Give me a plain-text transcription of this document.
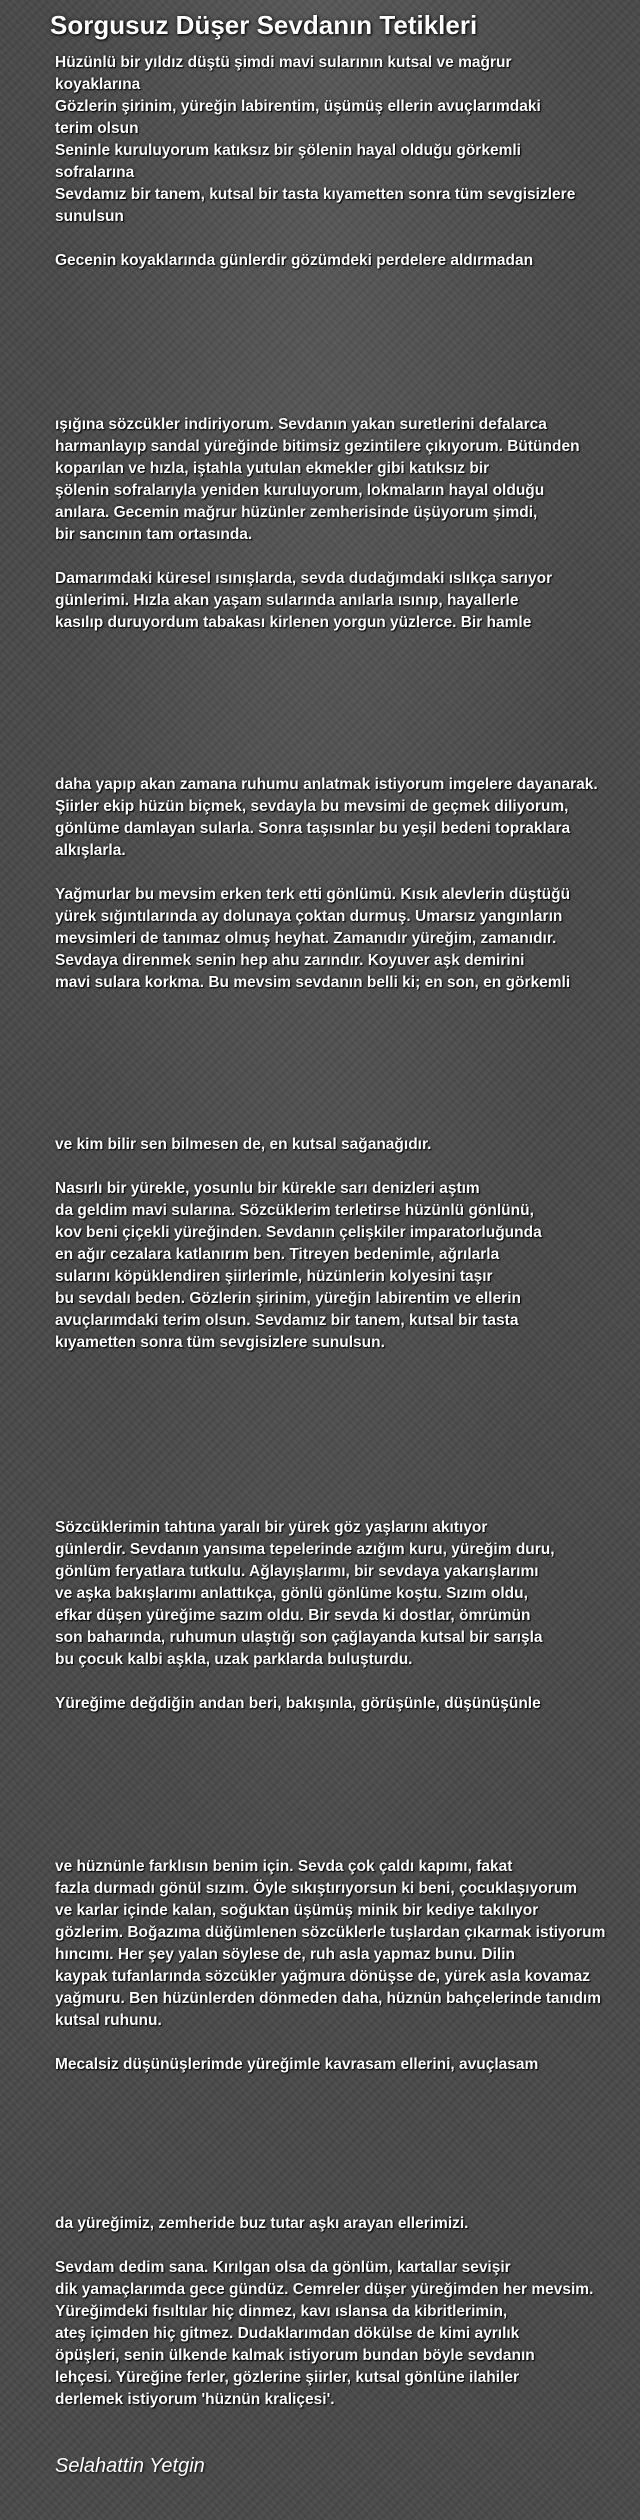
Sorgusuz Düşer Sevdanın Tetikleri
Hüzünlü bir yıldız düştü şimdi mavi sularının kutsal ve mağrur
koyaklarına
Gözlerin şirinim, yüreğin labirentim, üşümüş ellerin avuçlarımdaki
terim olsun
Seninle kuruluyorum katıksız bir şölenin hayal olduğu görkemli
sofralarına
Sevdamız bir tanem, kutsal bir tasta kıyametten sonra tüm sevgisizlere
sunulsun
Gecenin koyaklarında günlerdir gözümdeki perdelere aldırmadan
ışığına sözcükler indiriyorum. Sevdanın yakan suretlerini defalarca
harmanlayıp sandal yüreğinde bitimsiz gezintilere çıkıyorum. Bütünden
koparılan ve hızla, iştahla yutulan ekmekler gibi katıksız bir
şölenin sofralarıyla yeniden kuruluyorum, lokmaların hayal olduğu
anılara. Gecemin mağrur hüzünler zemherisinde üşüyorum şimdi,
bir sancının tam ortasında.
Damarımdaki küresel ısınışlarda, sevda dudağımdaki ıslıkça sarıyor
günlerimi. Hızla akan yaşam sularında anılarla ısınıp, hayallerle
kasılıp duruyordum tabakası kirlenen yorgun yüzlerce. Bir hamle
daha yapıp akan zamana ruhumu anlatmak istiyorum imgelere dayanarak.
Şiirler ekip hüzün biçmek, sevdayla bu mevsimi de geçmek diliyorum,
gönlüme damlayan sularla. Sonra taşısınlar bu yeşil bedeni topraklara
alkışlarla.
Yağmurlar bu mevsim erken terk etti gönlümü. Kısık alevlerin düştüğü
yürek sığıntılarında ay dolunaya çoktan durmuş. Umarsız yangınların
mevsimleri de tanımaz olmuş heyhat. Zamanıdır yüreğim, zamanıdır.
Sevdaya direnmek senin hep ahu zarındır. Koyuver aşk demirini
mavi sulara korkma. Bu mevsim sevdanın belli ki; en son, en görkemli
ve kim bilir sen bilmesen de, en kutsal sağanağıdır.
Nasırlı bir yürekle, yosunlu bir kürekle sarı denizleri aştım
da geldim mavi sularına. Sözcüklerim terletirse hüzünlü gönlünü,
kov beni çiçekli yüreğinden. Sevdanın çelişkiler imparatorluğunda
en ağır cezalara katlanırım ben. Titreyen bedenimle, ağrılarla
sularını köpüklendiren şiirlerimle, hüzünlerin kolyesini taşır
bu sevdalı beden. Gözlerin şirinim, yüreğin labirentim ve ellerin
avuçlarımdaki terim olsun. Sevdamız bir tanem, kutsal bir tasta
kıyametten sonra tüm sevgisizlere sunulsun.
Sözcüklerimin tahtına yaralı bir yürek göz yaşlarını akıtıyor
günlerdir. Sevdanın yansıma tepelerinde azığım kuru, yüreğim duru,
gönlüm feryatlara tutkulu. Ağlayışlarımı, bir sevdaya yakarışlarımı
ve aşka bakışlarımı anlattıkça, gönlü gönlüme koştu. Sızım oldu,
efkar düşen yüreğime sazım oldu. Bir sevda ki dostlar, ömrümün
son baharında, ruhumun ulaştığı son çağlayanda kutsal bir sarışla
bu çocuk kalbi aşkla, uzak parklarda buluşturdu.
Yüreğime değdiğin andan beri, bakışınla, görüşünle, düşünüşünle
ve hüznünle farklısın benim için. Sevda çok çaldı kapımı, fakat
fazla durmadı gönül sızım. Öyle sıkıştırıyorsun ki beni, çocuklaşıyorum
ve karlar içinde kalan, soğuktan üşümüş minik bir kediye takılıyor
gözlerim. Boğazıma düğümlenen sözcüklerle tuşlardan çıkarmak istiyorum
hıncımı. Her şey yalan söylese de, ruh asla yapmaz bunu. Dilin
kaypak tufanlarında sözcükler yağmura dönüşse de, yürek asla kovamaz
yağmuru. Ben hüzünlerden dönmeden daha, hüznün bahçelerinde tanıdım
kutsal ruhunu.
Mecalsiz düşünüşlerimde yüreğimle kavrasam ellerini, avuçlasam
da yüreğimiz, zemheride buz tutar aşkı arayan ellerimizi.
Sevdam dedim sana. Kırılgan olsa da gönlüm, kartallar sevişir
dik yamaçlarımda gece gündüz. Cemreler düşer yüreğimden her mevsim.
Yüreğimdeki fısıltılar hiç dinmez, kavı ıslansa da kibritlerimin,
ateş içimden hiç gitmez. Dudaklarımdan dökülse de kimi ayrılık
öpüşleri, senin ülkende kalmak istiyorum bundan böyle sevdanın
lehçesi. Yüreğine ferler, gözlerine şiirler, kutsal gönlüne ilahiler
derlemek istiyorum 'hüznün kraliçesi'.
Selahattin Yetgin
